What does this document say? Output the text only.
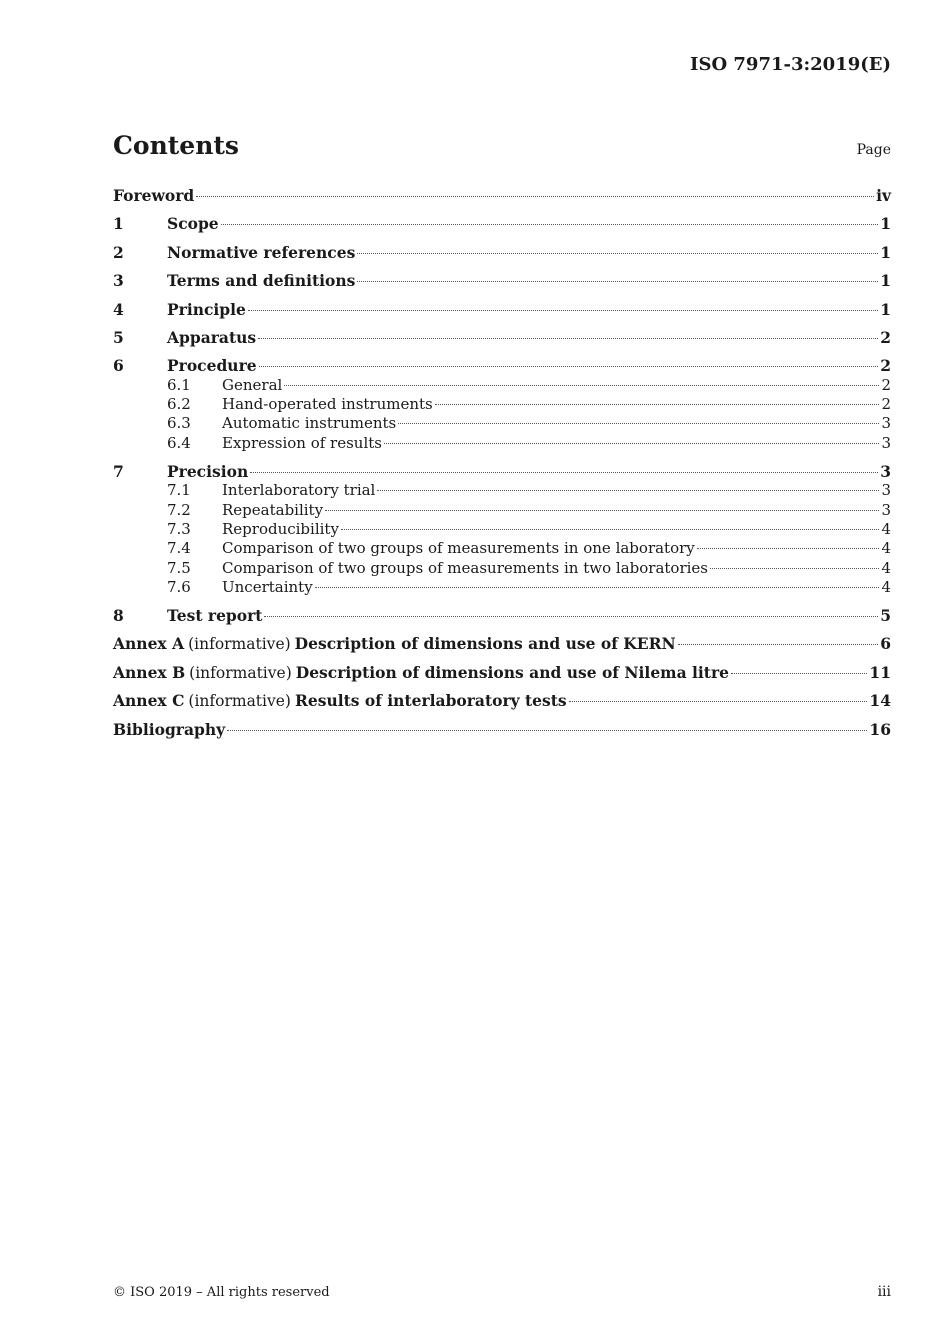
ISO 7971-3:2019(E)
Contents	Page
Foreword	iv
1	Scope	1
2	Normative references	1
3	Terms and definitions	1
4	Principle	1
5	Apparatus	2
6	Procedure	2
6.1	General	2
6.2	Hand-operated instruments	2
6.3	Automatic instruments	3
6.4	Expression of results	3
7	Precision	3
7.1	Interlaboratory trial	3
7.2	Repeatability	3
7.3	Reproducibility	4
7.4	Comparison of two groups of measurements in one laboratory	4
7.5	Comparison of two groups of measurements in two laboratories	4
7.6	Uncertainty	4
8	Test report	5
Annex A (informative) Description of dimensions and use of KERN	6
Annex B (informative) Description of dimensions and use of Nilema litre	11
Annex C (informative) Results of interlaboratory tests	14
Bibliography	16
© ISO 2019 – All rights reserved	iii
